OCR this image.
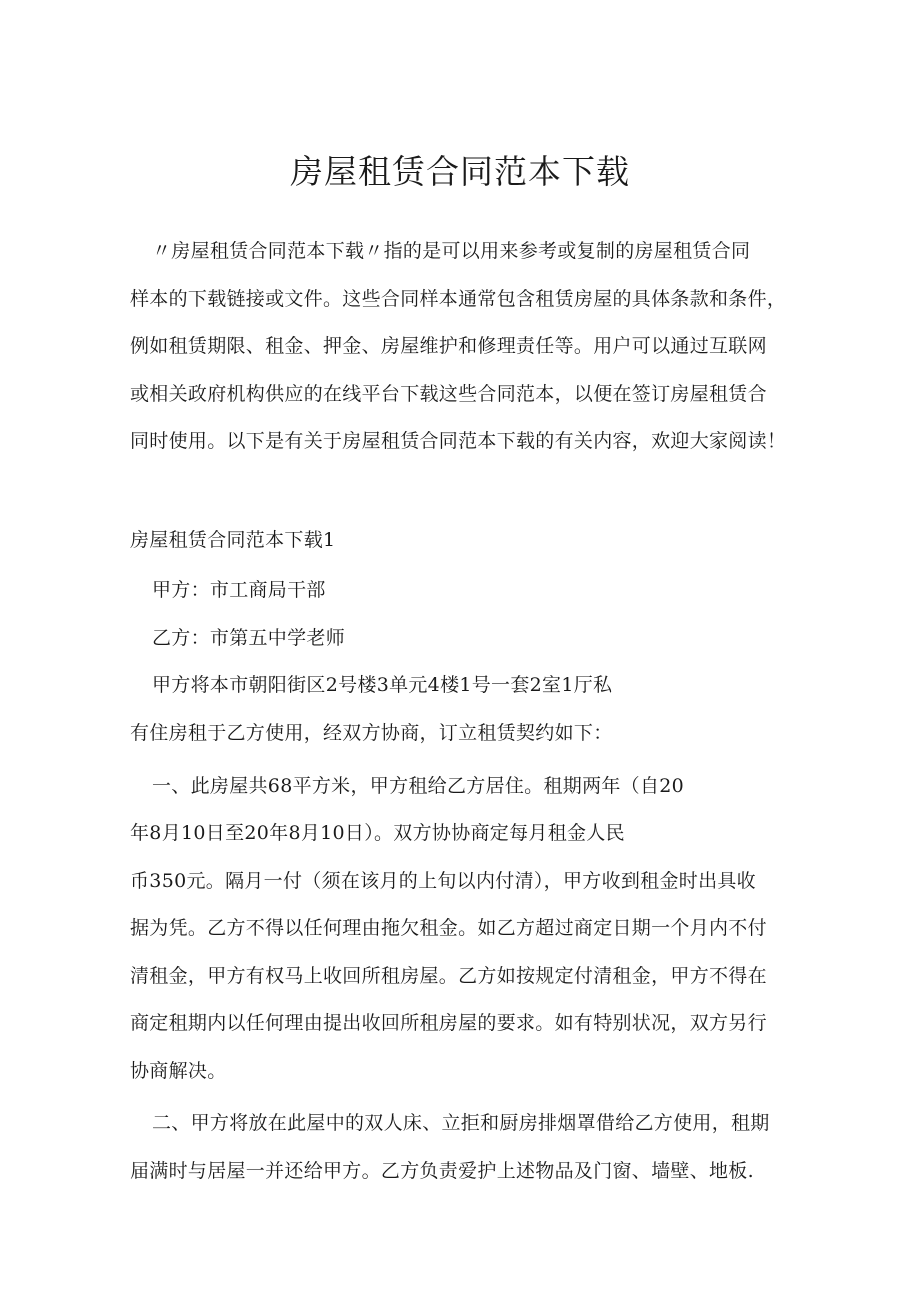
房屋租赁合同范本下载
〃房屋租赁合同范本下载〃指的是可以用来参考或复制的房屋租赁合同
样本的下载链接或文件。这些合同样本通常包含租赁房屋的具体条款和条件，
例如租赁期限、租金、押金、房屋维护和修理责任等。用户可以通过互联网
或相关政府机构供应的在线平台下载这些合同范本，以便在签订房屋租赁合
同时使用。以下是有关于房屋租赁合同范本下载的有关内容，欢迎大家阅读！
房屋租赁合同范本下载1
甲方：市工商局干部
乙方：市第五中学老师
甲方将本市朝阳街区2号楼3单元4楼1号一套2室1厅私
有住房租于乙方使用，经双方协商，订立租赁契约如下：
一、此房屋共68平方米，甲方租给乙方居住。租期两年（自20
年8月10日至20年8月10日）。双方协协商定每月租金人民
币350元。隔月一付（须在该月的上旬以内付清），甲方收到租金时出具收
据为凭。乙方不得以任何理由拖欠租金。如乙方超过商定日期一个月内不付
清租金，甲方有权马上收回所租房屋。乙方如按规定付清租金，甲方不得在
商定租期内以任何理由提出收回所租房屋的要求。如有特别状况，双方另行
协商解决。
二、甲方将放在此屋中的双人床、立拒和厨房排烟罩借给乙方使用，租期
届满时与居屋一并还给甲方。乙方负责爱护上述物品及门窗、墙壁、地板.
